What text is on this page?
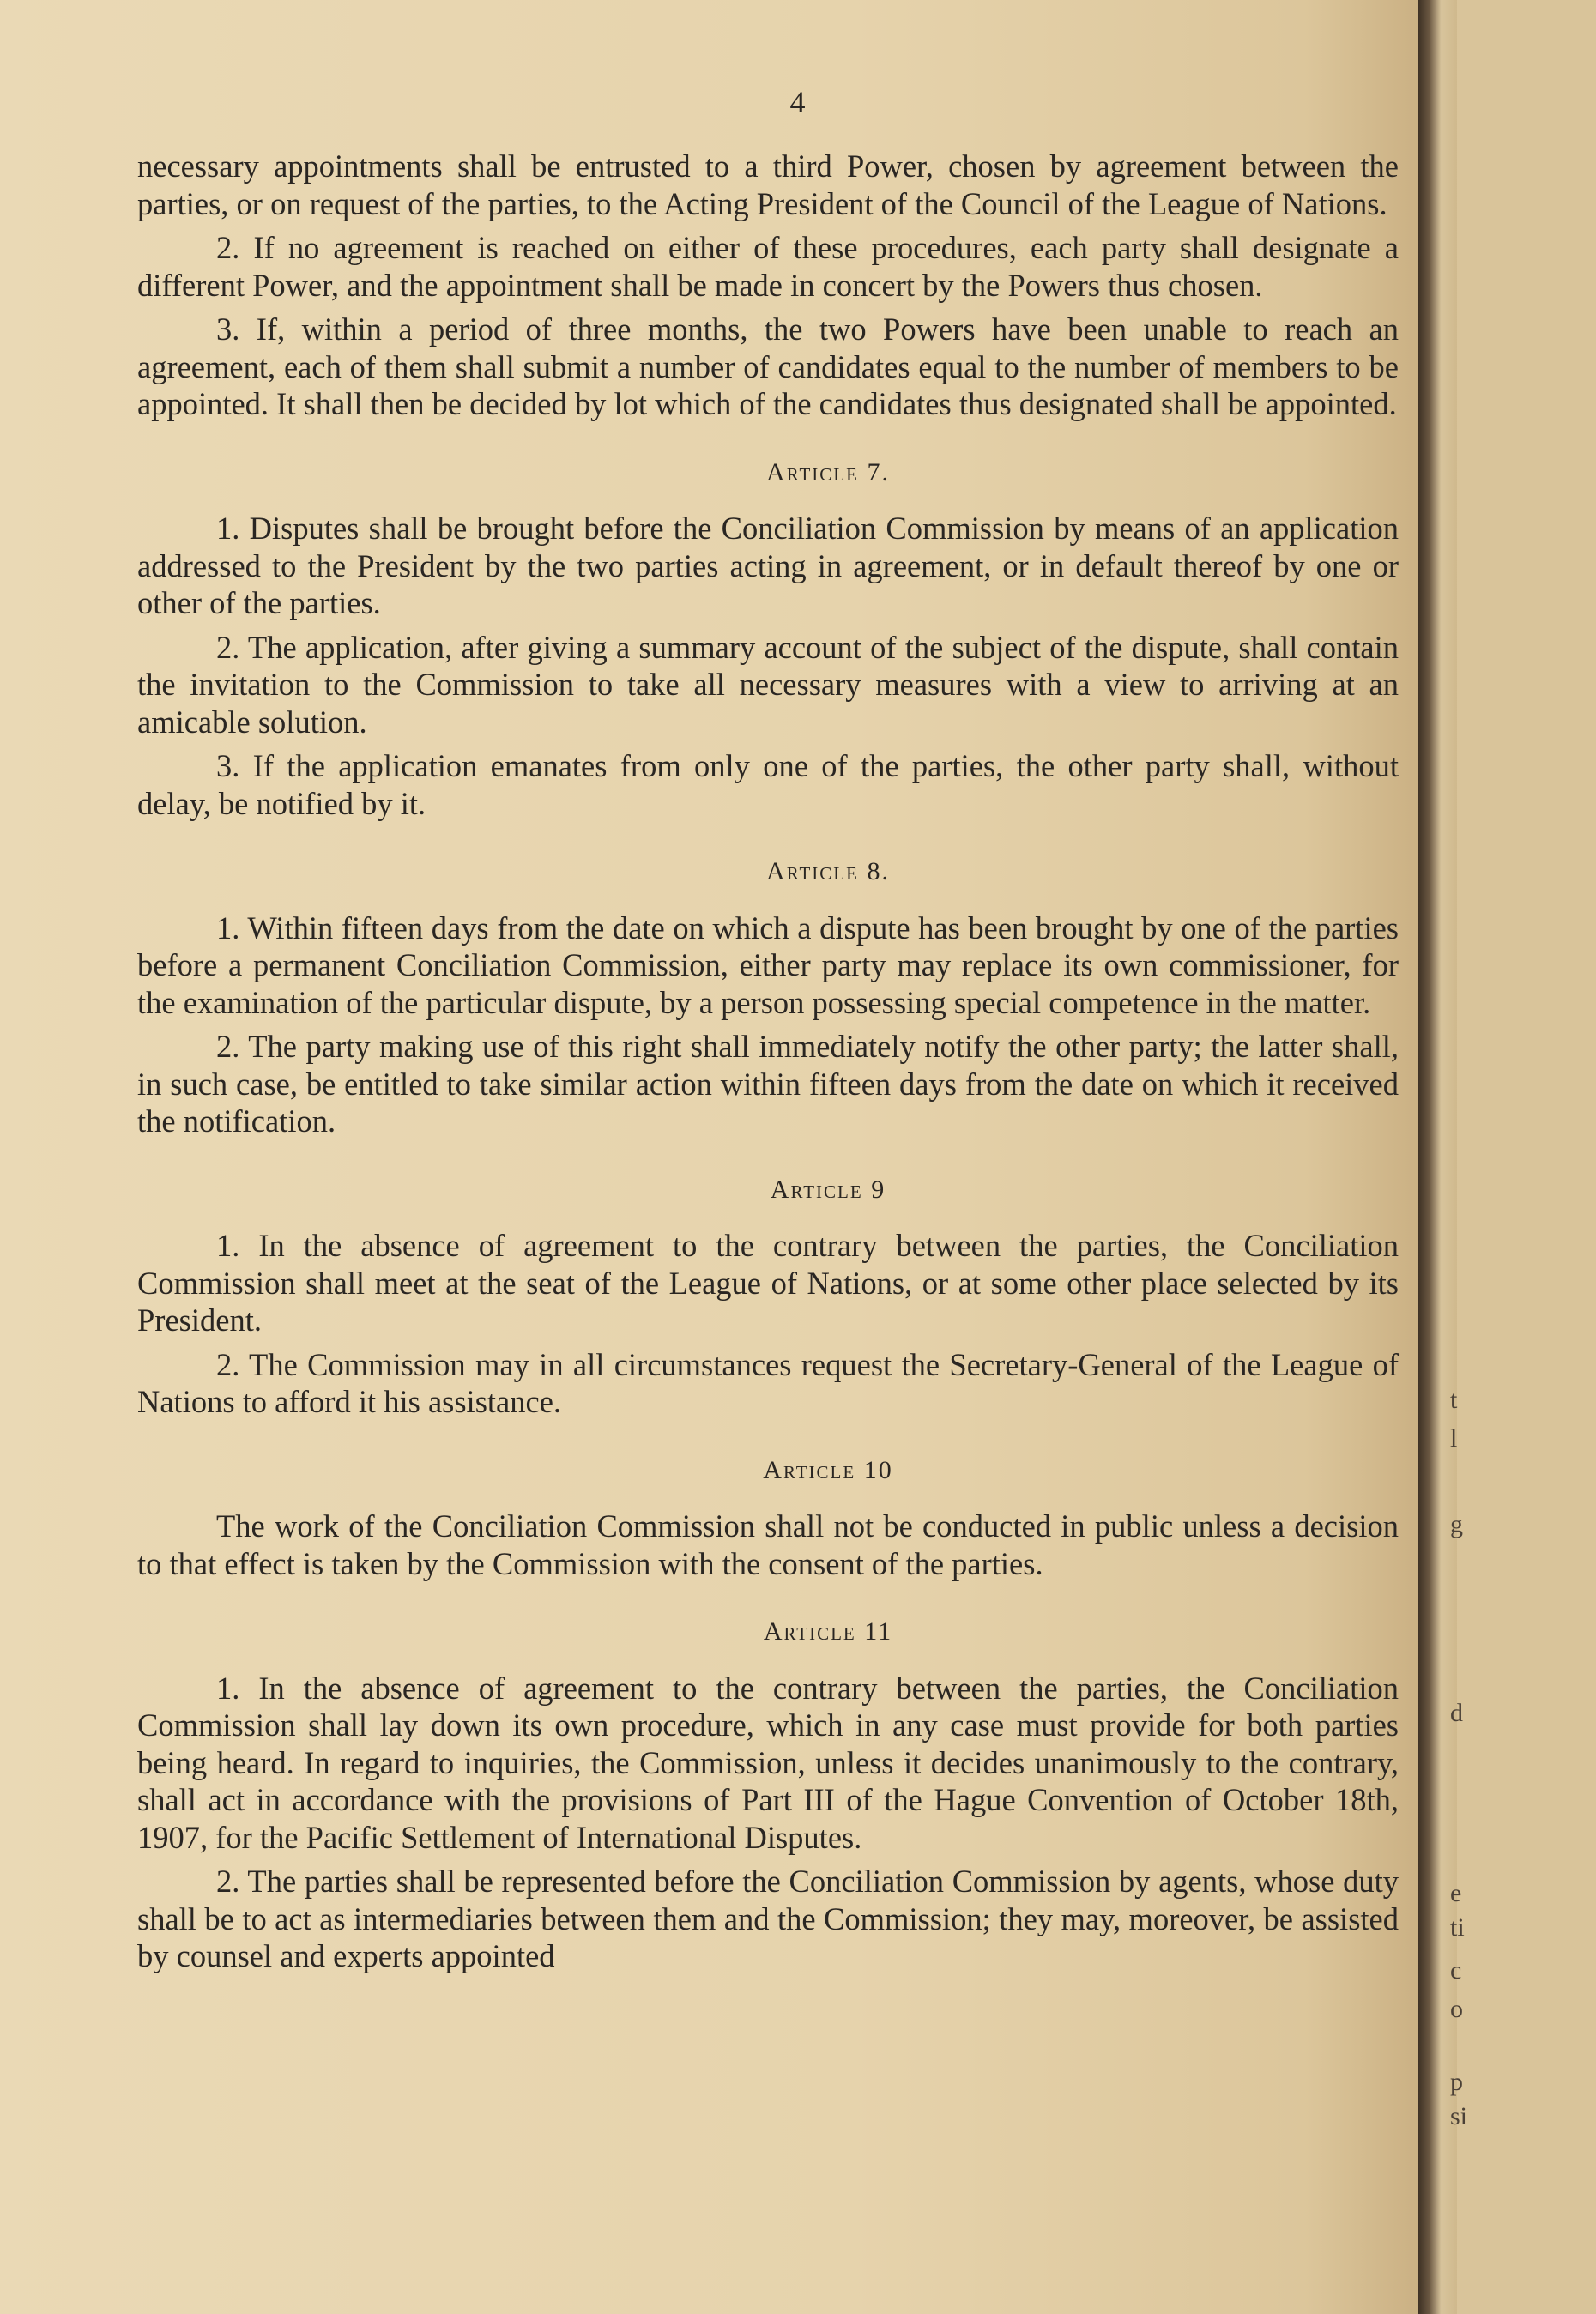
4

necessary appointments shall be entrusted to a third Power, chosen by agreement between the parties, or on request of the parties, to the Acting President of the Council of the League of Nations.

2. If no agreement is reached on either of these procedures, each party shall designate a different Power, and the appointment shall be made in concert by the Powers thus chosen.

3. If, within a period of three months, the two Powers have been unable to reach an agreement, each of them shall submit a number of candidates equal to the number of members to be appointed. It shall then be decided by lot which of the candidates thus designated shall be appointed.

Article 7.

1. Disputes shall be brought before the Conciliation Commission by means of an application addressed to the President by the two parties acting in agreement, or in default thereof by one or other of the parties.

2. The application, after giving a summary account of the subject of the dispute, shall contain the invitation to the Commission to take all necessary measures with a view to arriving at an amicable solution.

3. If the application emanates from only one of the parties, the other party shall, without delay, be notified by it.

Article 8.

1. Within fifteen days from the date on which a dispute has been brought by one of the parties before a permanent Conciliation Commission, either party may replace its own commissioner, for the examination of the particular dispute, by a person possessing special competence in the matter.

2. The party making use of this right shall immediately notify the other party; the latter shall, in such case, be entitled to take similar action within fifteen days from the date on which it received the notification.

Article 9

1. In the absence of agreement to the contrary between the parties, the Conciliation Commission shall meet at the seat of the League of Nations, or at some other place selected by its President.

2. The Commission may in all circumstances request the Secretary-General of the League of Nations to afford it his assistance.

Article 10

The work of the Conciliation Commission shall not be conducted in public unless a decision to that effect is taken by the Commission with the consent of the parties.

Article 11

1. In the absence of agreement to the contrary between the parties, the Conciliation Commission shall lay down its own procedure, which in any case must provide for both parties being heard. In regard to inquiries, the Commission, unless it decides unanimously to the contrary, shall act in accordance with the provisions of Part III of the Hague Convention of October 18th, 1907, for the Pacific Settlement of International Disputes.

2. The parties shall be represented before the Conciliation Commission by agents, whose duty shall be to act as intermediaries between them and the Commission; they may, moreover, be assisted by counsel and experts appointed

t
l
g
d
e
ti
c
o
p
si
